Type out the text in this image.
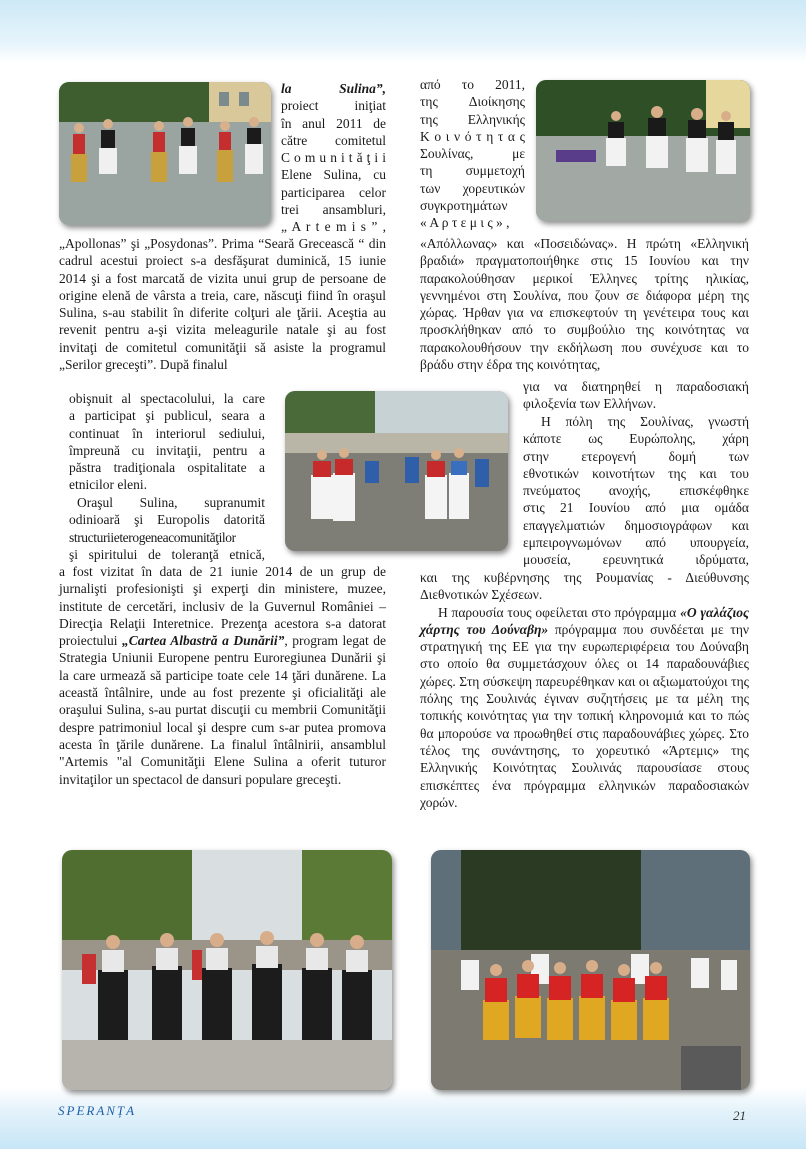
la Sulina”,
proiect iniţiat
în anul 2011 de
către comitetul
C o m u n i t ă ţ i i
Elene Sulina, cu
participarea celor
trei ansambluri,
„ A r t e m i s ” ,

„Apollonas” şi „Posydonas”. Prima “Seară Grecească “ din cadrul acestui proiect s-a desfăşurat duminică, 15 iunie 2014 şi a fost marcată de vizita unui grup de persoane de origine elenă de vârsta a treia, care, născuţi fiind în oraşul Sulina, s-au stabilit în diferite colţuri ale ţării. Aceştia au revenit pentru a-şi vizita meleagurile natale şi au fost invitaţi de comitetul comunităţii să asiste la programul „Serilor greceşti”. După finalul

obişnuit al spectacolului, la care
a participat şi publicul, seara a
continuat în interiorul sediului,
împreună cu invitaţii, pentru a
păstra tradiţionala ospitalitate a
etnicilor eleni.
Oraşul Sulina, supranumit
odinioară şi Europolis datorită
structuriieterogeneacomunităţilor
şi spiritului de toleranţă etnică,

a fost vizitat în data de 21 iunie 2014 de un grup de jurnalişti profesionişti şi experţi din ministere, muzee, institute de cercetări, inclusiv de la Guvernul României – Direcţia Relaţii Interetnice. Prezenţa acestora s-a datorat proiectului „Cartea Albastră a Dunării”, program legat de Strategia Uniunii Europene pentru Euroregiunea Dunării şi la care urmează să participe toate cele 14 ţări dunărene. La această întâlnire, unde au fost prezente şi oficialităţi ale oraşului Sulina, s-au purtat discuţii cu membrii Comunităţii despre patrimoniul local şi despre cum s-ar putea promova acesta în ţările dunărene. La finalul întâlnirii, ansamblul "Artemis "al Comunităţii Elene Sulina a oferit tuturor invitaţilor un spectacol de dansuri populare greceşti.

από το 2011,
της Διοίκησης
της Ελληνικής
Κ ο ι ν ό τ η τ α ς
Σουλίνας, με
τη συμμετοχή
των χορευτικών
συγκροτημάτων
« Α ρ τ ε μ ι ς » ,

«Απόλλωνας» και «Ποσειδώνας». Η πρώτη «Ελληνική βραδιά» πραγματοποιήθηκε στις 15 Ιουνίου και την παρακολούθησαν μερικοί Έλληνες τρίτης ηλικίας, γεννημένοι στη Σουλίνα, που ζουν σε διάφορα μέρη της χώρας. Ήρθαν για να επισκεφτούν τη γενέτειρα τους και προσκλήθηκαν από το συμβούλιο της κοινότητας να παρακολουθήσουν την εκδήλωση που συνέχυσε και το βράδυ στην έδρα της κοινότητας,

για να διατηρηθεί η παραδοσιακή
φιλοξενία των Ελλήνων.
Η πόλη της Σουλίνας, γνωστή
κάποτε ως Ευρώπολης, χάρη
στην ετερογενή δομή των
εθνοτικών κοινοτήτων της και του
πνεύματος ανοχής, επισκέφθηκε
στις 21 Ιουνίου από μια ομάδα
επαγγελματιών δημοσιογράφων και
εμπειρογνωμόνων από υπουργεία,
μουσεία, ερευνητικά ιδρύματα,

και της κυβέρνησης της Ρουμανίας - Διεύθυνσης Διεθνοτικών Σχέσεων.

Η παρουσία τους οφείλεται στο πρόγραμμα «Ο γαλάζιος χάρτης του Δούναβη» πρόγραμμα που συνδέεται με την στρατηγική της ΕΕ για την ευρωπεριφέρεια του Δούναβη στο οποίο θα συμμετάσχουν όλες οι 14 παραδουνάβιες χώρες. Στη σύσκεψη παρευρέθηκαν και οι αξιωματούχοι της πόλης της Σουλινάς έγιναν συζητήσεις με τα μέλη της τοπικής κοινότητας για την τοπική κληρονομιά και το πώς θα μπορούσε να προωθηθεί στις παραδουνάβιες χώρες. Στο τέλος της συνάντησης, το χορευτικό «Άρτεμις» της Ελληνικής Κοινότητας Σουλινάς παρουσίασε στους επισκέπτες ένα πρόγραμμα ελληνικών παραδοσιακών χορών.

SPERANȚA	21
